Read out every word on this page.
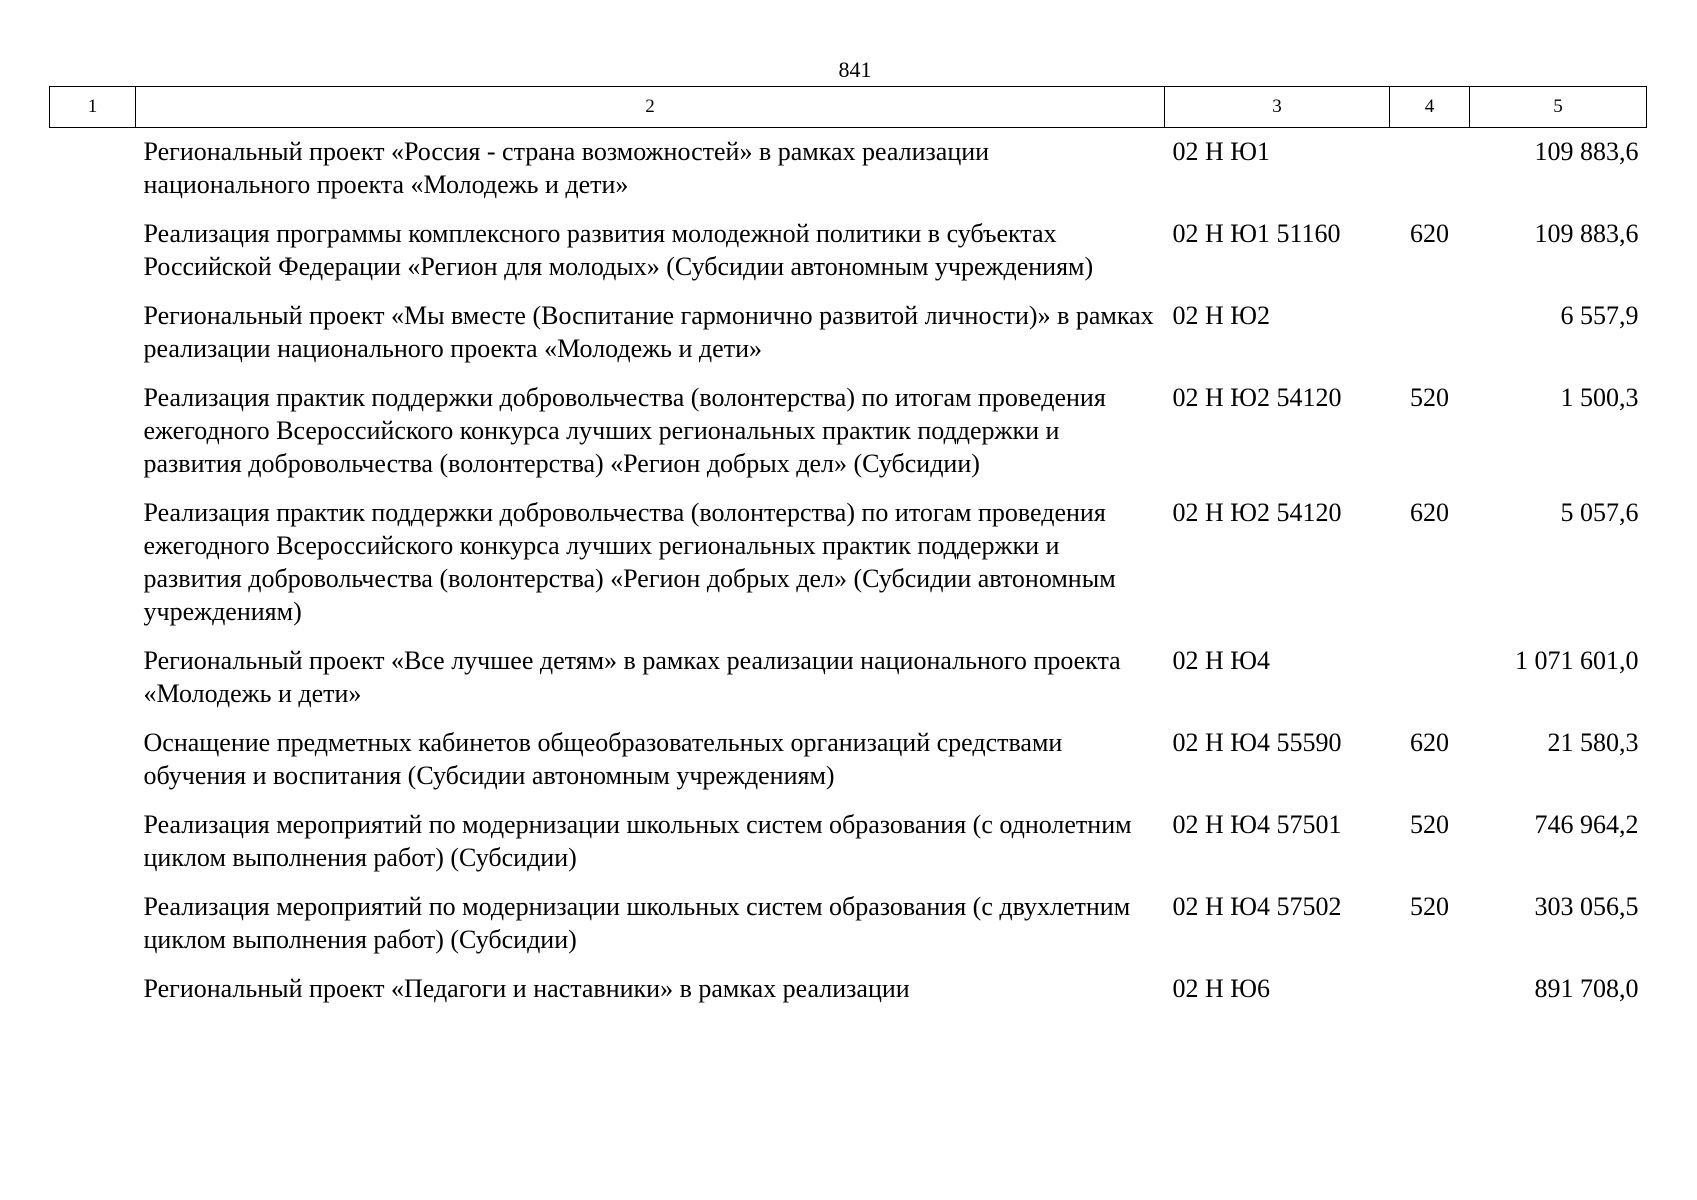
841
1	2	3	4	5
	Региональный проект «Россия - страна возможностей» в рамках реализации национального проекта «Молодежь и дети»	02 Н Ю1		109 883,6
	Реализация программы комплексного развития молодежной политики в субъектах Российской Федерации «Регион для молодых» (Субсидии автономным учреждениям)	02 Н Ю1 51160	620	109 883,6
	Региональный проект «Мы вместе (Воспитание гармонично развитой личности)» в рамках реализации национального проекта «Молодежь и дети»	02 Н Ю2		6 557,9
	Реализация практик поддержки добровольчества (волонтерства) по итогам проведения ежегодного Всероссийского конкурса лучших региональных практик поддержки и развития добровольчества (волонтерства) «Регион добрых дел» (Субсидии)	02 Н Ю2 54120	520	1 500,3
	Реализация практик поддержки добровольчества (волонтерства) по итогам проведения ежегодного Всероссийского конкурса лучших региональных практик поддержки и развития добровольчества (волонтерства) «Регион добрых дел» (Субсидии автономным учреждениям)	02 Н Ю2 54120	620	5 057,6
	Региональный проект «Все лучшее детям» в рамках реализации национального проекта «Молодежь и дети»	02 Н Ю4		1 071 601,0
	Оснащение предметных кабинетов общеобразовательных организаций средствами обучения и воспитания (Субсидии автономным учреждениям)	02 Н Ю4 55590	620	21 580,3
	Реализация мероприятий по модернизации школьных систем образования (с однолетним циклом выполнения работ) (Субсидии)	02 Н Ю4 57501	520	746 964,2
	Реализация мероприятий по модернизации школьных систем образования (с двухлетним циклом выполнения работ) (Субсидии)	02 Н Ю4 57502	520	303 056,5
	Региональный проект «Педагоги и наставники» в рамках реализации	02 Н Ю6		891 708,0
